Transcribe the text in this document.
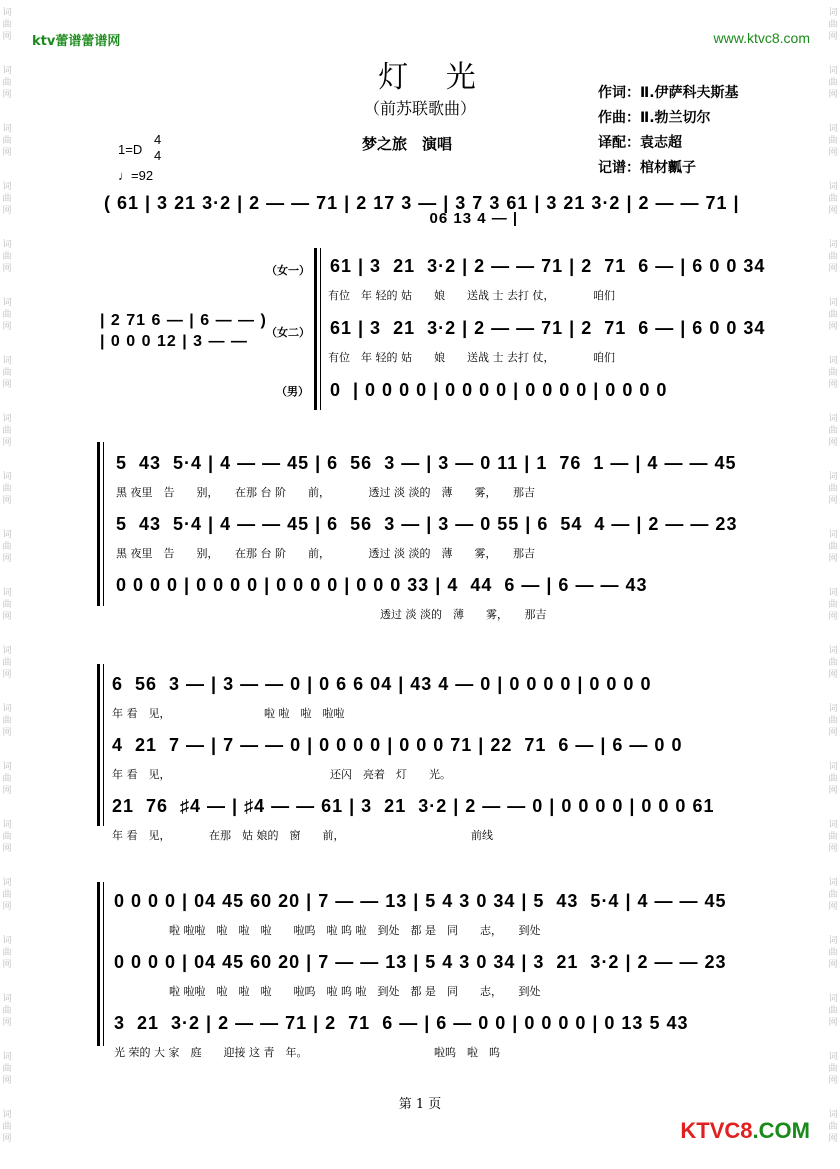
词
曲
网
词
曲
网
词
曲
网
词
曲
网
词
曲
网
词
曲
网
词
曲
网
词
曲
网
词
曲
网
词
曲
网
词
曲
网
词
曲
网
词
曲
网
词
曲
网
词
曲
网
词
曲
网
词
曲
网
词
曲
网
词
曲
网
词
曲
网
词
曲
网
词
曲
网
词
曲
网
词
曲
网
词
曲
网
词
曲
网
词
曲
网
词
曲
网
词
曲
网
词
曲
网
词
曲
网
词
曲
网
词
曲
网
词
曲
网
词
曲
网
词
曲
网
词
曲
网
词
曲
网
词
曲
网
词
曲
网
ktv蕾谱蕾谱网	www.ktvc8.com
灯 光
（前苏联歌曲）
梦之旅　演唱
作词：Ⅱ.伊萨科夫斯基
作曲：Ⅱ.勃兰切尔
译配：袁志超
记谱：棺材瓤子
1=D
4
4
♩=92
( 61 | 3 21 3·2 | 2 — — 71 | 2 17 3 — | 3 7 3 61 | 3 21 3·2 | 2 — — 71 |
06 13 4 — |
| 2 71 6 — | 6 — — )
| 0 0 0 12 | 3 — —
（女一）
（女二）
（男）
61 | 3  21  3·2 | 2 — — 71 | 2  71  6 — | 6 0 0 34
有位　年 轻的 姑　　娘　　送战 士 去打 仗，　　　　咱们
61 | 3  21  3·2 | 2 — — 71 | 2  71  6 — | 6 0 0 34
有位　年 轻的 姑　　娘　　送战 士 去打 仗，　　　　咱们
0  | 0 0 0 0 | 0 0 0 0 | 0 0 0 0 | 0 0 0 0
5  43  5·4 | 4 — — 45 | 6  56  3 — | 3 — 0 11 | 1  76  1 — | 4 — — 45
黑 夜里　告　　别，　　在那 台 阶　　前，　　　　透过 淡 淡的　薄　　雾，　　那吉
5  43  5·4 | 4 — — 45 | 6  56  3 — | 3 — 0 55 | 6  54  4 — | 2 — — 23
黑 夜里　告　　别，　　在那 台 阶　　前，　　　　透过 淡 淡的　薄　　雾，　　那吉
0 0 0 0 | 0 0 0 0 | 0 0 0 0 | 0 0 0 33 | 4  44  6 — | 6 — — 43
　　　　　　　　　　　　　　　　　　　　　　　　透过 淡 淡的　薄　　雾，　　那吉
6  56  3 — | 3 — — 0 | 0 6 6 04 | 43 4 — 0 | 0 0 0 0 | 0 0 0 0
年 看　见，　　　　　　　　　啦 啦　啦　啦啦
4  21  7 — | 7 — — 0 | 0 0 0 0 | 0 0 0 71 | 22  71  6 — | 6 — 0 0
年 看　见，　　　　　　　　　　　　　　　还闪　亮着　灯　　光。
21  76  ♯4 — | ♯4 — — 61 | 3  21  3·2 | 2 — — 0 | 0 0 0 0 | 0 0 0 61
年 看　见，　　　　在那　姑 娘的　窗　　前，　　　　　　　　　　　　前线
0 0 0 0 | 04 45 60 20 | 7 — — 13 | 5 4 3 0 34 | 5  43  5·4 | 4 — — 45
　　　　　啦 啦啦　啦　啦　啦　　啦呜　啦 呜 啦　到处　都 是　同　　志，　　到处
0 0 0 0 | 04 45 60 20 | 7 — — 13 | 5 4 3 0 34 | 3  21  3·2 | 2 — — 23
　　　　　啦 啦啦　啦　啦　啦　　啦呜　啦 呜 啦　到处　都 是　同　　志，　　到处
3  21  3·2 | 2 — — 71 | 2  71  6 — | 6 — 0 0 | 0 0 0 0 | 0 13 5 43
光 荣的 大 家　庭　　迎接 这 青　年。　　　　　　　　　　　　啦呜　啦　呜
第 1 页
KTVC8.COM
